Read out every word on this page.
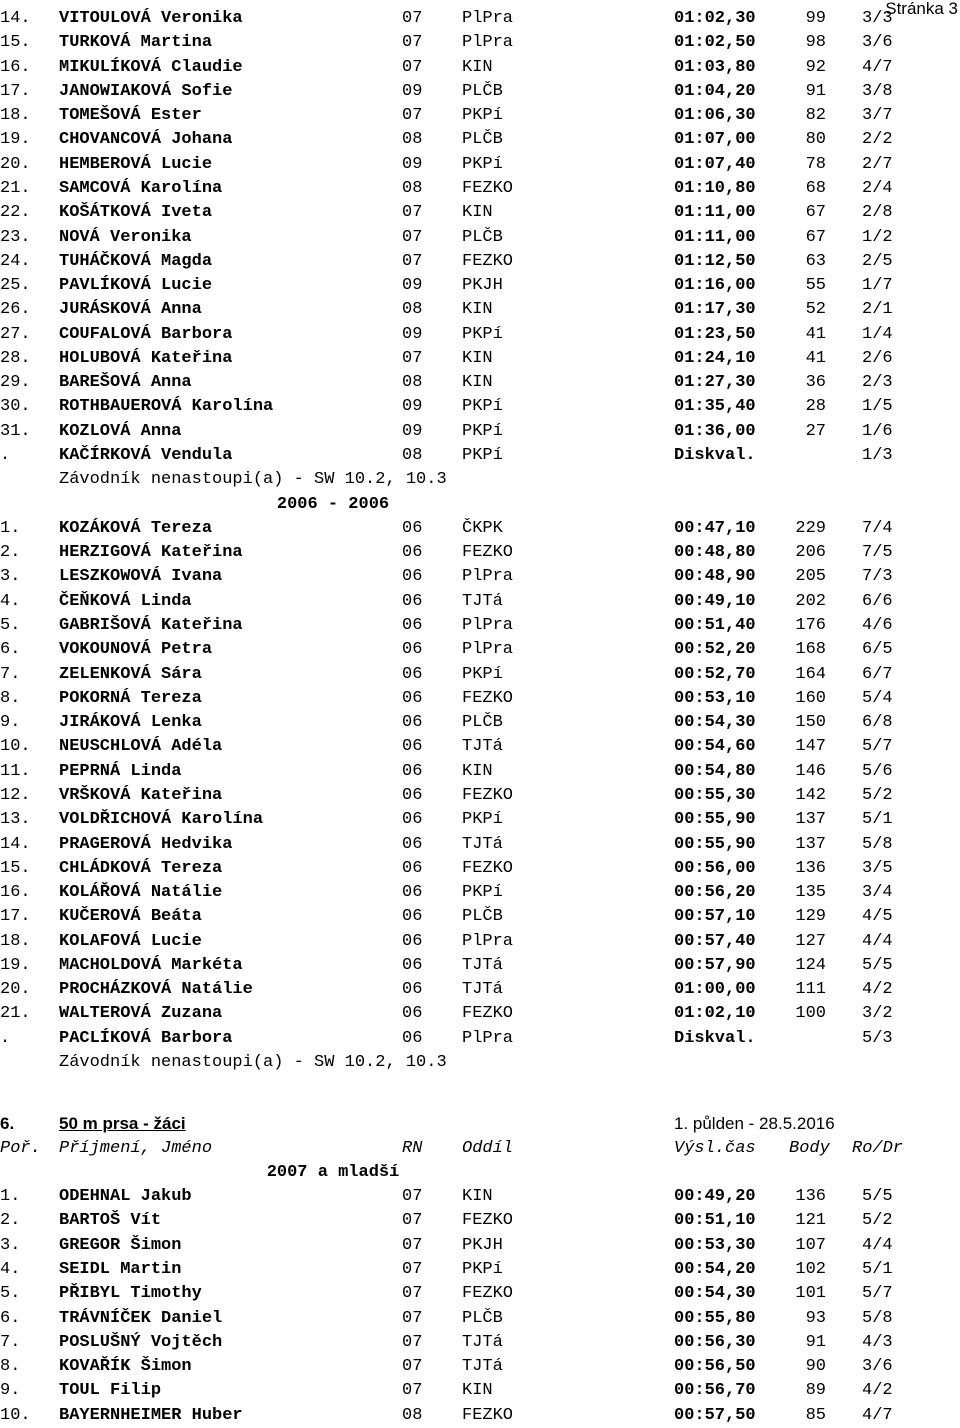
Stránka 3
14. VITOULOVÁ Veronika	07 PlPra	01:02,30	99 3/3
15. TURKOVÁ Martina	07 PlPra	01:02,50	98 3/6
16. MIKULÍKOVÁ Claudie	07 KIN	01:03,80	92 4/7
17. JANOWIAKOVÁ Sofie	09 PLČB	01:04,20	91 3/8
18. TOMEŠOVÁ Ester	07 PKPí	01:06,30	82 3/7
19. CHOVANCOVÁ Johana	08 PLČB	01:07,00	80 2/2
20. HEMBEROVÁ Lucie	09 PKPí	01:07,40	78 2/7
21. SAMCOVÁ Karolína	08 FEZKO	01:10,80	68 2/4
22. KOŠÁTKOVÁ Iveta	07 KIN	01:11,00	67 2/8
23. NOVÁ Veronika	07 PLČB	01:11,00	67 1/2
24. TUHÁČKOVÁ Magda	07 FEZKO	01:12,50	63 2/5
25. PAVLÍKOVÁ Lucie	09 PKJH	01:16,00	55 1/7
26. JURÁSKOVÁ Anna	08 KIN	01:17,30	52 2/1
27. COUFALOVÁ Barbora	09 PKPí	01:23,50	41 1/4
28. HOLUBOVÁ Kateřina	07 KIN	01:24,10	41 2/6
29. BAREŠOVÁ Anna	08 KIN	01:27,30	36 2/3
30. ROTHBAUEROVÁ Karolína	09 PKPí	01:35,40	28 1/5
31. KOZLOVÁ Anna	09 PKPí	01:36,00	27 1/6
.	KAČÍRKOVÁ Vendula	08 PKPí	Diskval.	1/3
Závodník nenastoupi(a) - SW 10.2, 10.3
2006 - 2006
1. KOZÁKOVÁ Tereza	06 ČKPK	00:47,10	229 7/4
2. HERZIGOVÁ Kateřina	06 FEZKO	00:48,80	206 7/5
3. LESZKOWOVÁ Ivana	06 PlPra	00:48,90	205 7/3
4. ČEŇKOVÁ Linda	06 TJTá	00:49,10	202 6/6
5. GABRIŠOVÁ Kateřina	06 PlPra	00:51,40	176 4/6
6. VOKOUNOVÁ Petra	06 PlPra	00:52,20	168 6/5
7. ZELENKOVÁ Sára	06 PKPí	00:52,70	164 6/7
8. POKORNÁ Tereza	06 FEZKO	00:53,10	160 5/4
9. JIRÁKOVÁ Lenka	06 PLČB	00:54,30	150 6/8
10. NEUSCHLOVÁ Adéla	06 TJTá	00:54,60	147 5/7
11. PEPRNÁ Linda	06 KIN	00:54,80	146 5/6
12. VRŠKOVÁ Kateřina	06 FEZKO	00:55,30	142 5/2
13. VOLDŘICHOVÁ Karolína	06 PKPí	00:55,90	137 5/1
14. PRAGEROVÁ Hedvika	06 TJTá	00:55,90	137 5/8
15. CHLÁDKOVÁ Tereza	06 FEZKO	00:56,00	136 3/5
16. KOLÁŘOVÁ Natálie	06 PKPí	00:56,20	135 3/4
17. KUČEROVÁ Beáta	06 PLČB	00:57,10	129 4/5
18. KOLAFOVÁ Lucie	06 PlPra	00:57,40	127 4/4
19. MACHOLDOVÁ Markéta	06 TJTá	00:57,90	124 5/5
20. PROCHÁZKOVÁ Natálie	06 TJTá	01:00,00	111 4/2
21. WALTEROVÁ Zuzana	06 FEZKO	01:02,10	100 3/2
.	PACLÍKOVÁ Barbora	06 PlPra	Diskval.	5/3
Závodník nenastoupi(a) - SW 10.2, 10.3
6.	50 m prsa - žáci	1. půlden - 28.5.2016
Poř. Příjmení, Jméno	RN Oddíl	Výsl.čas Body Ro/Dr
2007 a mladší
1. ODEHNAL Jakub	07 KIN	00:49,20	136 5/5
2. BARTOŠ Vít	07 FEZKO	00:51,10	121 5/2
3. GREGOR Šimon	07 PKJH	00:53,30	107 4/4
4. SEIDL Martin	07 PKPí	00:54,20	102 5/1
5. PŘIBYL Timothy	07 FEZKO	00:54,30	101 5/7
6. TRÁVNÍČEK Daniel	07 PLČB	00:55,80	93 5/8
7. POSLUŠNÝ Vojtěch	07 TJTá	00:56,30	91 4/3
8. KOVAŘÍK Šimon	07 TJTá	00:56,50	90 3/6
9. TOUL Filip	07 KIN	00:56,70	89 4/2
10. BAYERNHEIMER Huber	08 FEZKO	00:57,50	85 4/7
